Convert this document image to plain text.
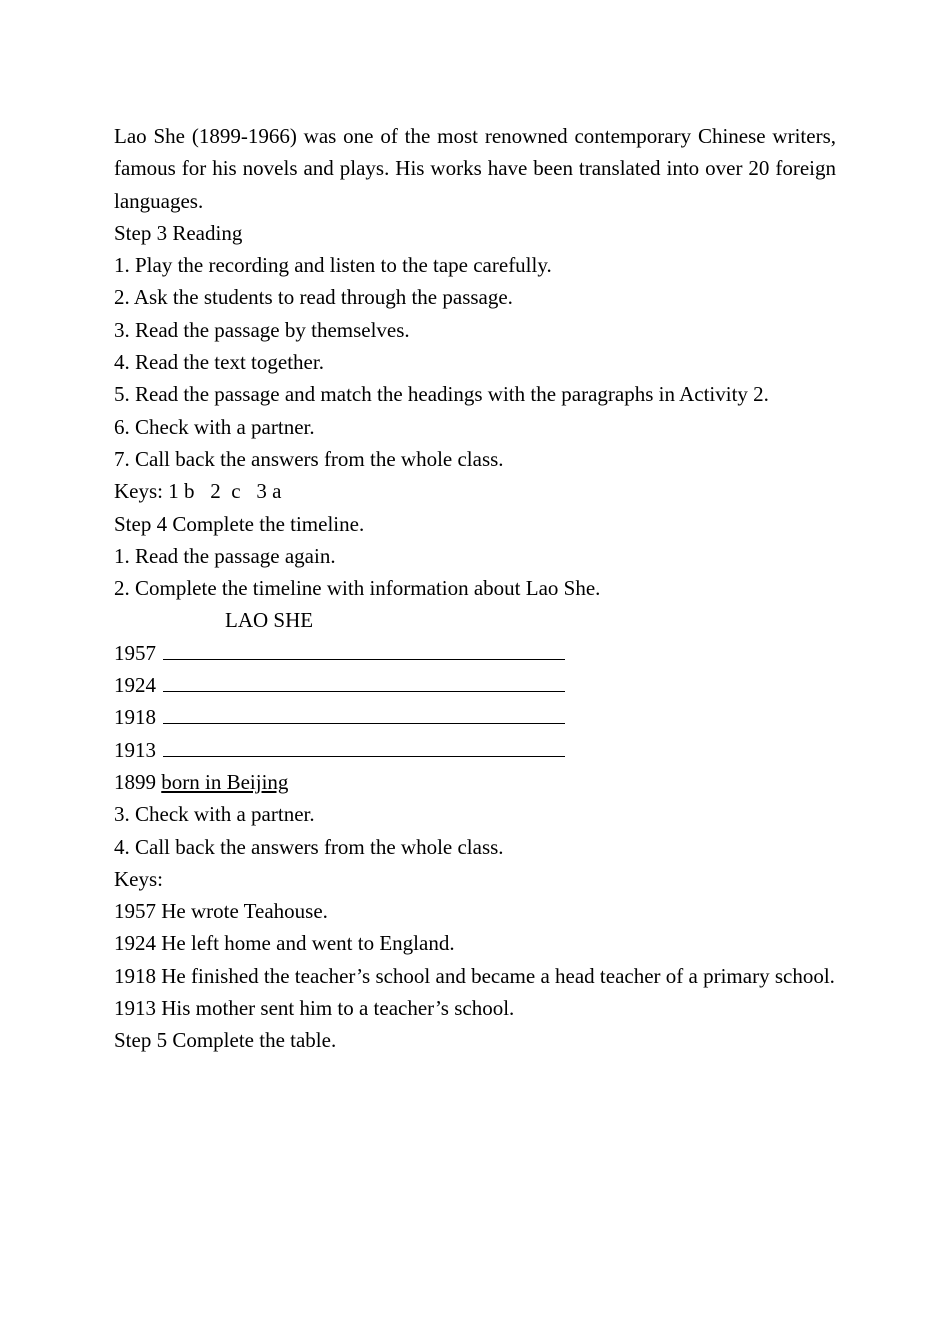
Lao She (1899-1966) was one of the most renowned contemporary Chinese writers, famous for his novels and plays. His works have been translated into over 20 foreign languages.

Step 3 Reading

1. Play the recording and listen to the tape carefully.

2. Ask the students to read through the passage.

3. Read the passage by themselves.

4. Read the text together.

5. Read the passage and match the headings with the paragraphs in Activity 2.

6. Check with a partner.

7. Call back the answers from the whole class.

Keys: 1 b   2  c   3 a

Step 4 Complete the timeline.

1. Read the passage again.

2. Complete the timeline with information about Lao She.

LAO SHE

1957

1924

1918

1913

1899 born in Beijing

3. Check with a partner.

4. Call back the answers from the whole class.

Keys:

1957 He wrote Teahouse.

1924 He left home and went to England.

1918 He finished the teacher’s school and became a head teacher of a primary school.

1913 His mother sent him to a teacher’s school.

Step 5 Complete the table.
